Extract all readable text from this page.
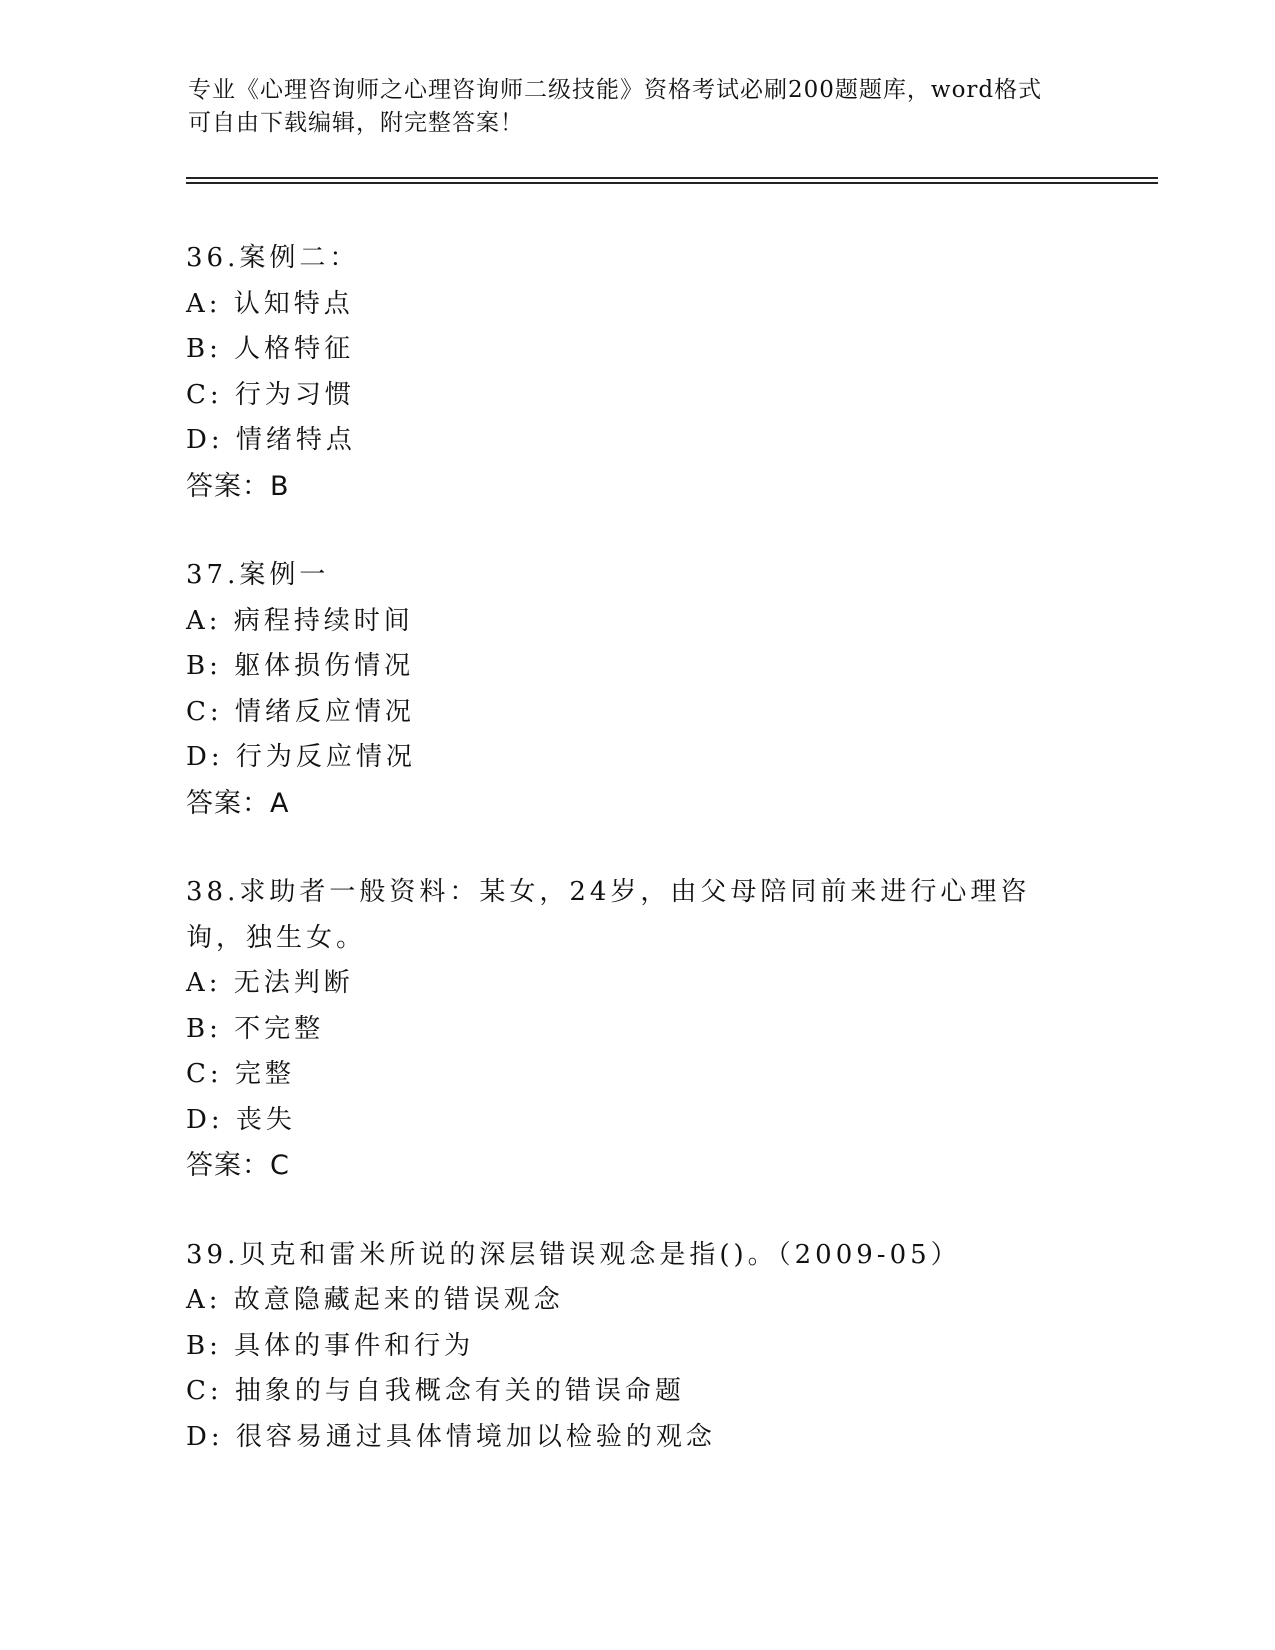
专业《心理咨询师之心理咨询师二级技能》资格考试必刷200题题库，word格式
可自由下载编辑，附完整答案！
36.案例二：
A: 认知特点
B: 人格特征
C: 行为习惯
D: 情绪特点
答案：B
37.案例一
A: 病程持续时间
B: 躯体损伤情况
C: 情绪反应情况
D: 行为反应情况
答案：A
38.求助者一般资料：某女，24岁，由父母陪同前来进行心理咨询，独生女。
A: 无法判断
B: 不完整
C: 完整
D: 丧失
答案：C
39.贝克和雷米所说的深层错误观念是指()。（2009-05）
A: 故意隐藏起来的错误观念
B: 具体的事件和行为
C: 抽象的与自我概念有关的错误命题
D: 很容易通过具体情境加以检验的观念
